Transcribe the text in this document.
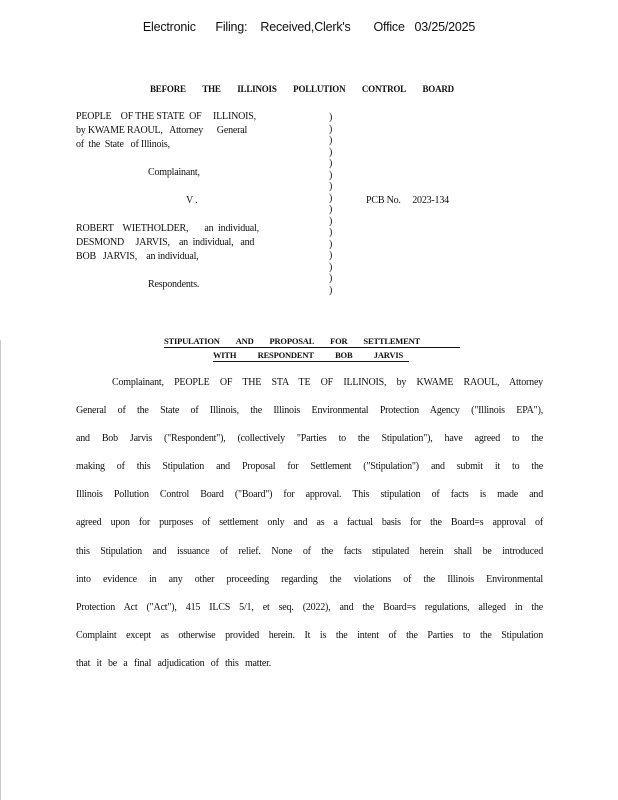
Electronic      Filing:    Received,Clerk's       Office   03/25/2025
BEFORE THE ILLINOIS POLLUTION CONTROL BOARD
PEOPLE    OF THE STATE  OF     ILLINOIS,
by KWAME RAOUL,   Attorney      General
of  the  State   of Illinois,
Complainant,
V .
ROBERT    WIETHOLDER,       an  individual,
DESMOND     JARVIS,    an  individual,   and
BOB   JARVIS,    an individual,
Respondents.
)
)
)
)
)
)
)
)
)
)
)
)
)
)
)
)
PCB No.     2023-134
STIPULATION AND PROPOSAL FOR SETTLEMENT
WITH	RESPONDENT	BOB	JARVIS
Complainant, PEOPLE OF THE STA TE OF ILLINOIS, by KWAME RAOUL, Attorney
General of the State of Illinois, the Illinois Environmental Protection Agency ("Illinois EPA"),
and Bob Jarvis ("Respondent"), (collectively "Parties to the Stipulation"), have agreed to the
making of this Stipulation and Proposal for Settlement ("Stipulation") and submit it to the
Illinois Pollution Control Board ("Board") for approval. This stipulation of facts is made and
agreed upon for purposes of settlement only and as a factual basis for the Board=s approval of
this Stipulation and issuance of relief. None of the facts stipulated herein shall be introduced
into evidence in any other proceeding regarding the violations of the Illinois Environmental
Protection Act ("Act"), 415 ILCS 5/1, et seq. (2022), and the Board=s regulations, alleged in the
Complaint except as otherwise provided herein. It is the intent of the Parties to the Stipulation
that it be a final adjudication of this matter.
